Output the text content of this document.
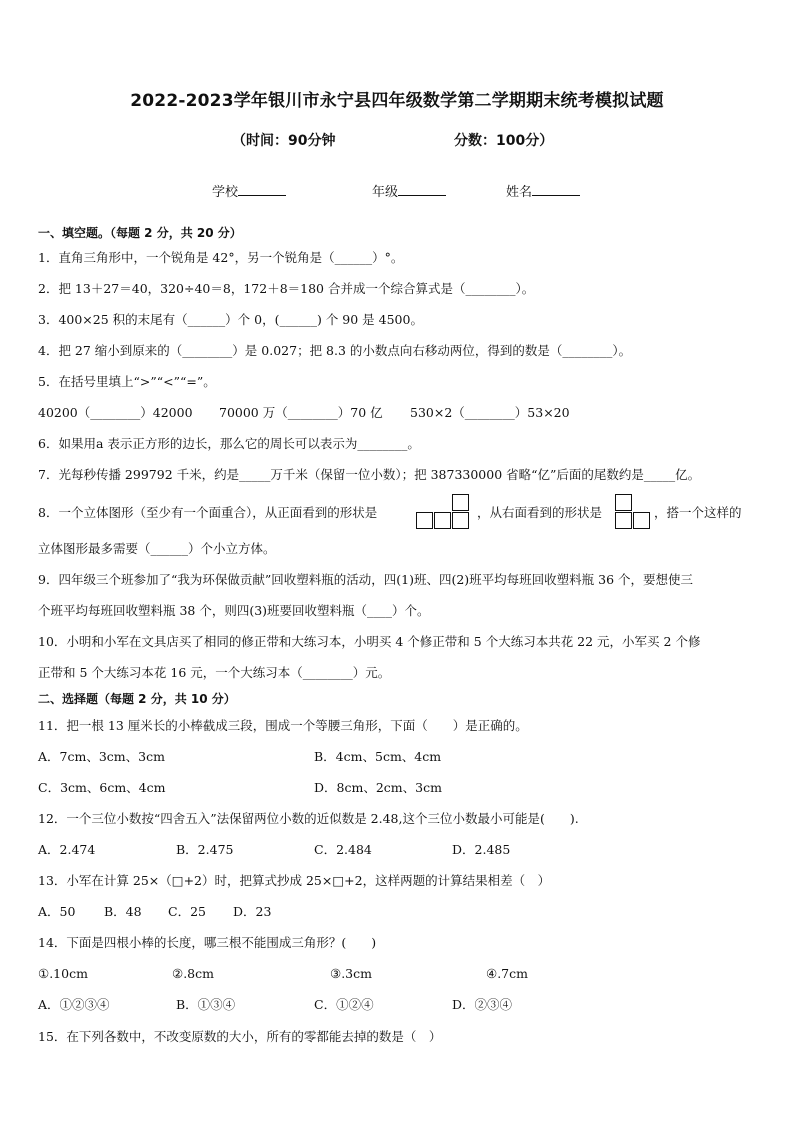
2022-2023学年银川市永宁县四年级数学第二学期期末统考模拟试题
（时间：90分钟	分数：100分）
学校	年级	姓名
一、填空题。（每题 2 分，共 20 分）
1．直角三角形中，一个锐角是 42°，另一个锐角是（______）°。
2．把 13＋27＝40，320÷40＝8，172＋8＝180 合并成一个综合算式是（________）。
3．400×25 积的末尾有（______）个 0，(______) 个 90 是 4500。
4．把 27 缩小到原来的（________）是 0.027；把 8.3 的小数点向右移动两位，得到的数是（________）。
5．在括号里填上“>”“<”“=”。
40200（________）42000 70000 万（________）70 亿 530×2（________）53×20
6．如果用a 表示正方形的边长，那么它的周长可以表示为________。
7．光每秒传播 299792 千米，约是_____万千米（保留一位小数）；把 387330000 省略“亿”后面的尾数约是_____亿。
8．一个立体图形（至少有一个面重合），从正面看到的形状是	，从右面看到的形状是	，搭一个这样的
立体图形最多需要（______）个小立方体。
9．四年级三个班参加了“我为环保做贡献”回收塑料瓶的活动，四(1)班、四(2)班平均每班回收塑料瓶 36 个，要想使三
个班平均每班回收塑料瓶 38 个，则四(3)班要回收塑料瓶（____）个。
10．小明和小军在文具店买了相同的修正带和大练习本，小明买 4 个修正带和 5 个大练习本共花 22 元，小军买 2 个修
正带和 5 个大练习本花 16 元，一个大练习本（________）元。
二、选择题（每题 2 分，共 10 分）
11．把一根 13 厘米长的小棒截成三段，围成一个等腰三角形，下面（　　）是正确的。
A．7cm、3cm、3cm	B．4cm、5cm、4cm
C．3cm、6cm、4cm	D．8cm、2cm、3cm
12．一个三位小数按“四舍五入”法保留两位小数的近似数是 2.48,这个三位小数最小可能是(　　).
A．2.474	B．2.475	C．2.484	D．2.485
13．小军在计算 25×（□+2）时，把算式抄成 25×□+2，这样两题的计算结果相差（　）
A．50 B．48 C．25 D．23
14．下面是四根小棒的长度，哪三根不能围成三角形？(　　)
①.10cm	②.8cm	③.3cm	④.7cm
A．①②③④	B．①③④	C．①②④	D．②③④
15．在下列各数中，不改变原数的大小，所有的零都能去掉的数是（　）
